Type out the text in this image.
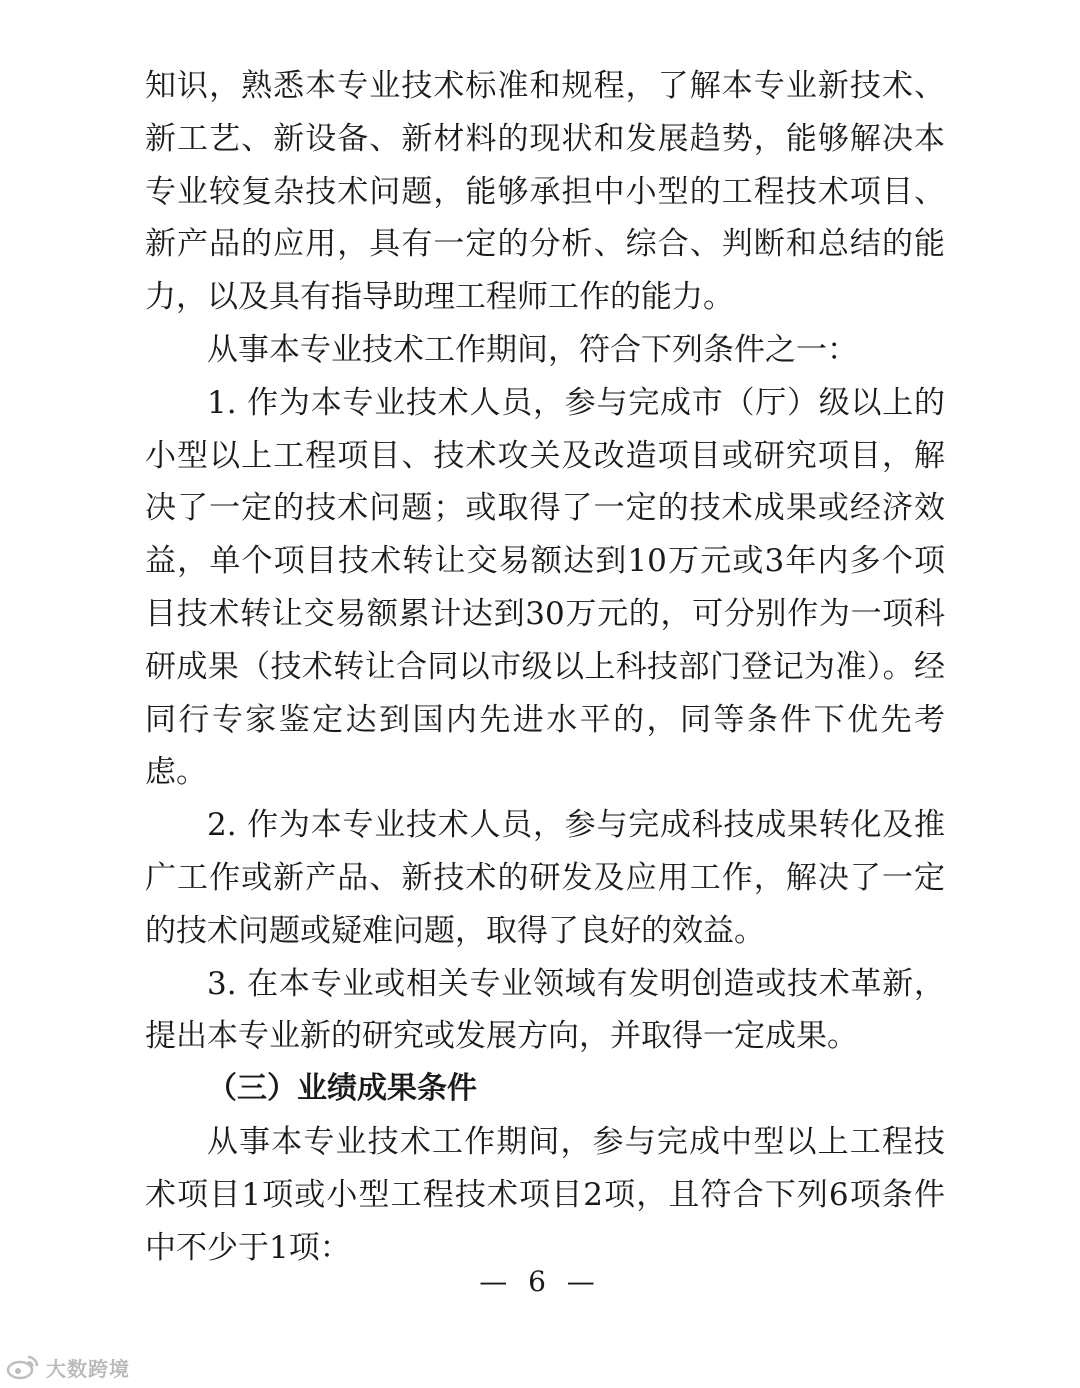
知识，熟悉本专业技术标准和规程，了解本专业新技术、新工艺、新设备、新材料的现状和发展趋势，能够解决本专业较复杂技术问题，能够承担中小型的工程技术项目、新产品的应用，具有一定的分析、综合、判断和总结的能力，以及具有指导助理工程师工作的能力。

从事本专业技术工作期间，符合下列条件之一：

1. 作为本专业技术人员，参与完成市（厅）级以上的小型以上工程项目、技术攻关及改造项目或研究项目，解决了一定的技术问题；或取得了一定的技术成果或经济效益，单个项目技术转让交易额达到10万元或3年内多个项目技术转让交易额累计达到30万元的，可分别作为一项科研成果（技术转让合同以市级以上科技部门登记为准）。经同行专家鉴定达到国内先进水平的，同等条件下优先考虑。

2. 作为本专业技术人员，参与完成科技成果转化及推广工作或新产品、新技术的研发及应用工作，解决了一定的技术问题或疑难问题，取得了良好的效益。

3. 在本专业或相关专业领域有发明创造或技术革新，提出本专业新的研究或发展方向，并取得一定成果。

（三）业绩成果条件

从事本专业技术工作期间，参与完成中型以上工程技术项目1项或小型工程技术项目2项，且符合下列6项条件中不少于1项：

— 6 —
大数跨境
